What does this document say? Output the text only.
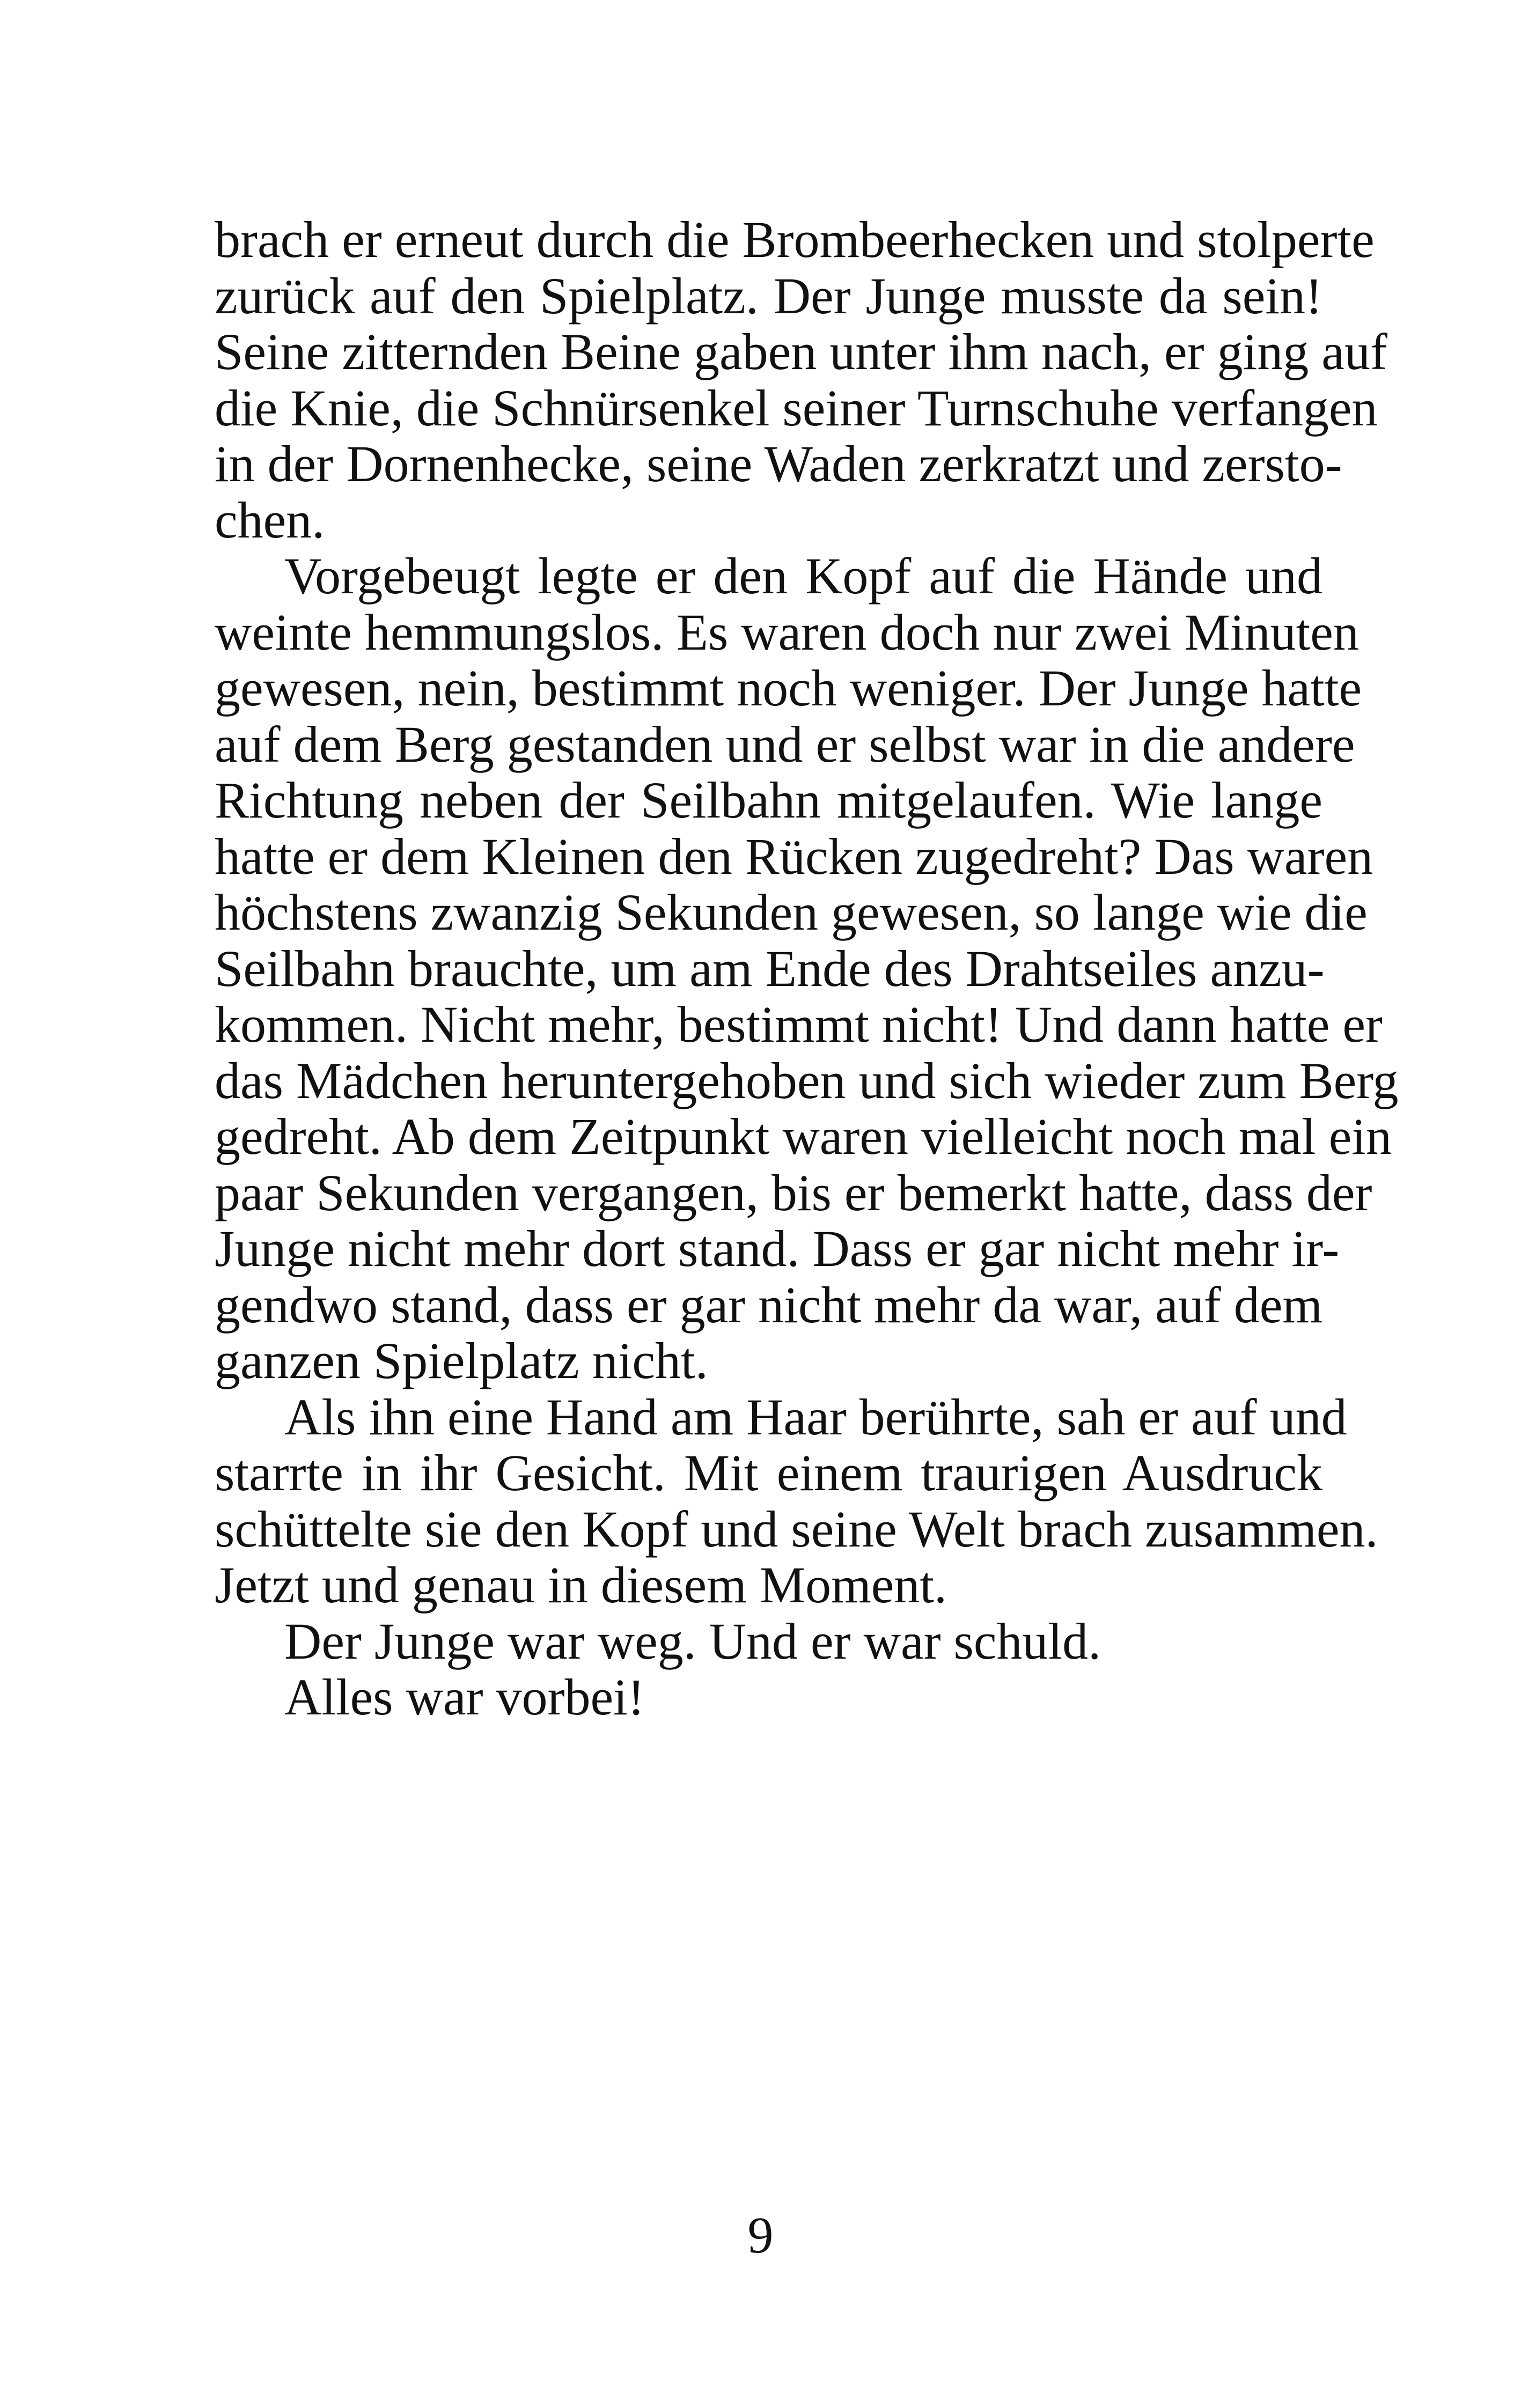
brach er erneut durch die Brombeerhecken und stolperte
zurück auf den Spielplatz. Der Junge musste da sein!
Seine zitternden Beine gaben unter ihm nach, er ging auf
die Knie, die Schnürsenkel seiner Turnschuhe verfangen
in der Dornenhecke, seine Waden zerkratzt und zersto-
chen.
Vorgebeugt legte er den Kopf auf die Hände und
weinte hemmungslos. Es waren doch nur zwei Minuten
gewesen, nein, bestimmt noch weniger. Der Junge hatte
auf dem Berg gestanden und er selbst war in die andere
Richtung neben der Seilbahn mitgelaufen. Wie lange
hatte er dem Kleinen den Rücken zugedreht? Das waren
höchstens zwanzig Sekunden gewesen, so lange wie die
Seilbahn brauchte, um am Ende des Drahtseiles anzu-
kommen. Nicht mehr, bestimmt nicht! Und dann hatte er
das Mädchen heruntergehoben und sich wieder zum Berg
gedreht. Ab dem Zeitpunkt waren vielleicht noch mal ein
paar Sekunden vergangen, bis er bemerkt hatte, dass der
Junge nicht mehr dort stand. Dass er gar nicht mehr ir-
gendwo stand, dass er gar nicht mehr da war, auf dem
ganzen Spielplatz nicht.
Als ihn eine Hand am Haar berührte, sah er auf und
starrte in ihr Gesicht. Mit einem traurigen Ausdruck
schüttelte sie den Kopf und seine Welt brach zusammen.
Jetzt und genau in diesem Moment.
Der Junge war weg. Und er war schuld.
Alles war vorbei!
9
